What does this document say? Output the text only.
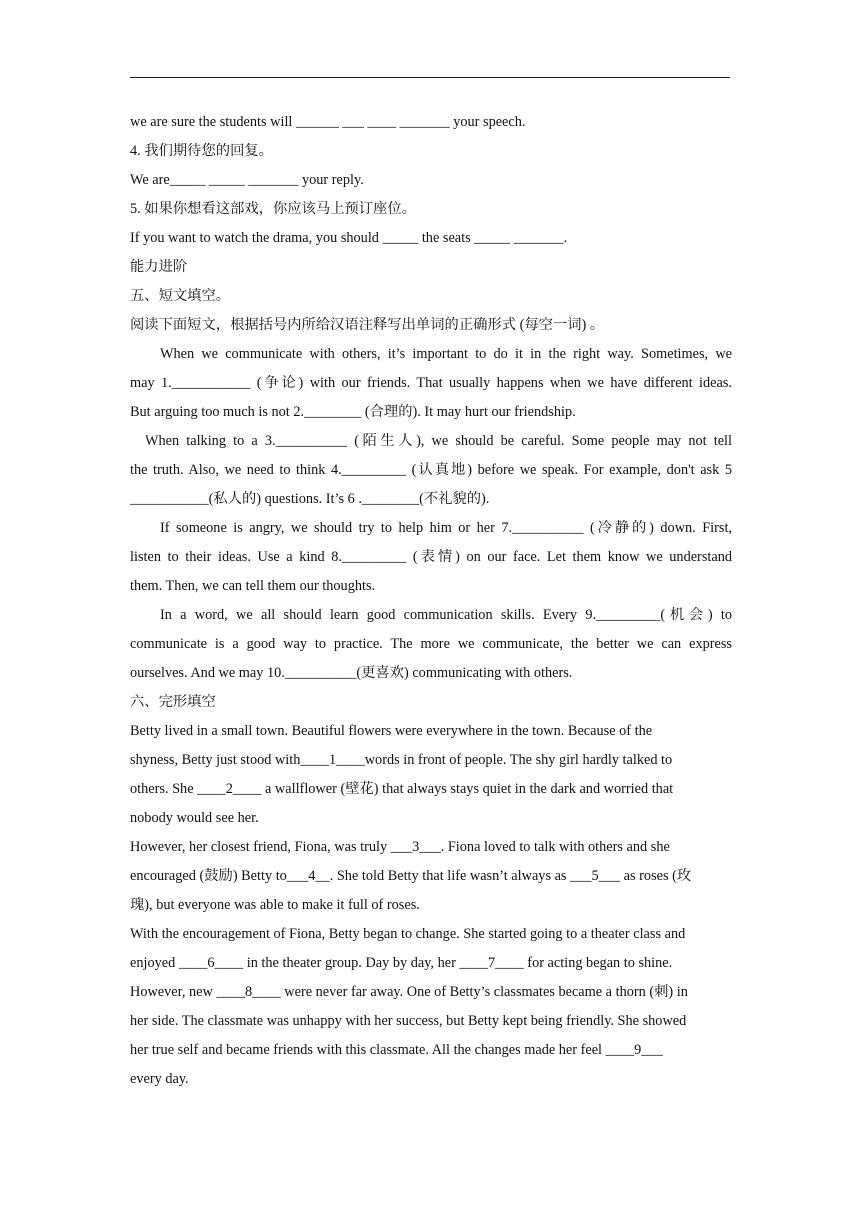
we are sure the students will ______ ___ ____ _______ your speech.
4. 我们期待您的回复。
We are_____ _____ _______ your reply.
5. 如果你想看这部戏，你应该马上预订座位。
If you want to watch the drama, you should _____ the seats _____ _______.
能力进阶
五、短文填空。
阅读下面短文，根据括号内所给汉语注释写出单词的正确形式 (每空一词) 。
When we communicate with others, it’s important to do it in the right way. Sometimes, we
may 1.___________ (争论) with our friends. That usually happens when we have different ideas.
But arguing too much is not 2.________ (合理的). It may hurt our friendship.
When talking to a 3.__________ (陌生人), we should be careful. Some people may not tell
the truth. Also, we need to think 4._________ (认真地) before we speak. For example, don't ask 5
___________(私人的) questions. It’s 6 .________(不礼貌的).
If someone is angry, we should try to help him or her 7.__________ (冷静的) down. First,
listen to their ideas. Use a kind 8._________ (表情) on our face. Let them know we understand
them. Then, we can tell them our thoughts.
In a word, we all should learn good communication skills. Every 9._________(机会) to
communicate is a good way to practice. The more we communicate, the better we can express
ourselves. And we may 10.__________(更喜欢) communicating with others.
六、完形填空
Betty lived in a small town. Beautiful flowers were everywhere in the town. Because of the
shyness, Betty just stood with____1____words in front of people. The shy girl hardly talked to
others. She ____2____ a wallflower (壁花) that always stays quiet in the dark and worried that
nobody would see her.
However, her closest friend, Fiona, was truly ___3___. Fiona loved to talk with others and she
encouraged (鼓励) Betty to___4__. She told Betty that life wasn’t always as ___5___ as roses (玫
瑰), but everyone was able to make it full of roses.
With the encouragement of Fiona, Betty began to change. She started going to a theater class and
enjoyed ____6____ in the theater group. Day by day, her ____7____ for acting began to shine.
However, new ____8____ were never far away. One of Betty’s classmates became a thorn (刺) in
her side. The classmate was unhappy with her success, but Betty kept being friendly. She showed
her true self and became friends with this classmate. All the changes made her feel ____9___
every day.
